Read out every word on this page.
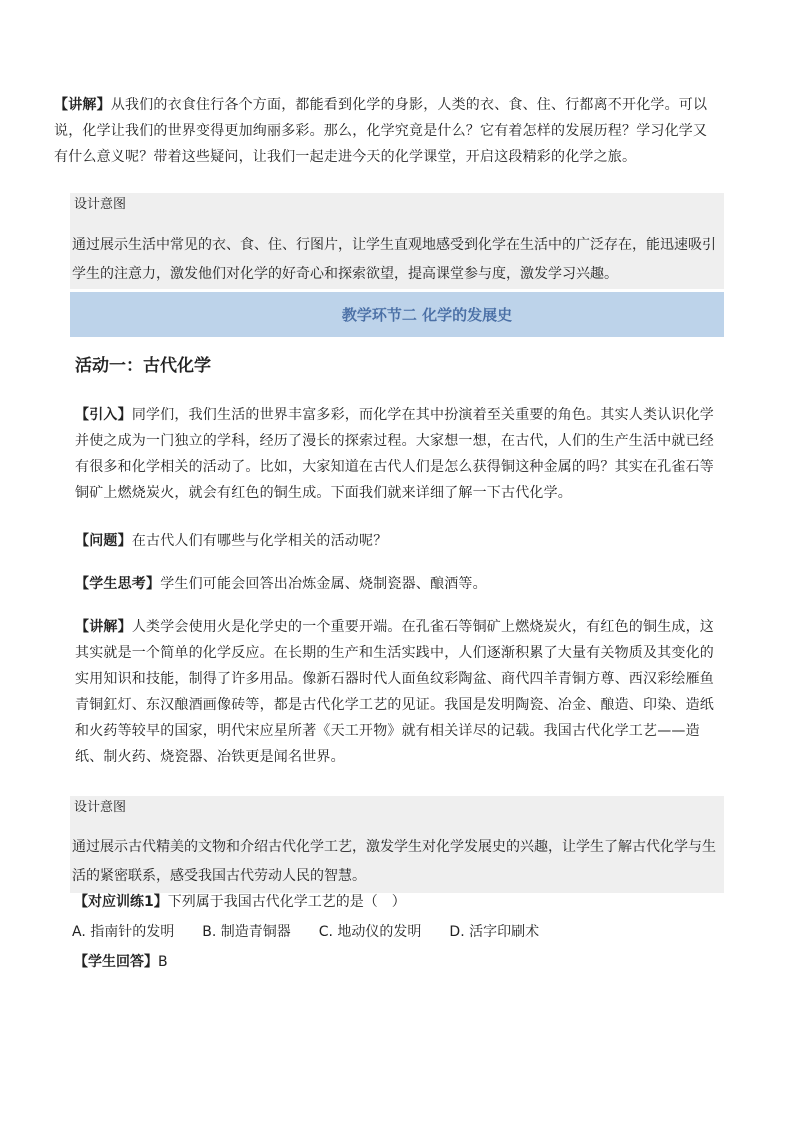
【讲解】从我们的衣食住行各个方面，都能看到化学的身影，人类的衣、食、住、行都离不开化学。可以说，化学让我们的世界变得更加绚丽多彩。那么，化学究竟是什么？它有着怎样的发展历程？学习化学又有什么意义呢？带着这些疑问，让我们一起走进今天的化学课堂，开启这段精彩的化学之旅。
设计意图
通过展示生活中常见的衣、食、住、行图片，让学生直观地感受到化学在生活中的广泛存在，能迅速吸引学生的注意力，激发他们对化学的好奇心和探索欲望，提高课堂参与度，激发学习兴趣。
教学环节二 化学的发展史
活动一：古代化学
【引入】同学们，我们生活的世界丰富多彩，而化学在其中扮演着至关重要的角色。其实人类认识化学并使之成为一门独立的学科，经历了漫长的探索过程。大家想一想，在古代，人们的生产生活中就已经有很多和化学相关的活动了。比如，大家知道在古代人们是怎么获得铜这种金属的吗？其实在孔雀石等铜矿上燃烧炭火，就会有红色的铜生成。下面我们就来详细了解一下古代化学。
【问题】在古代人们有哪些与化学相关的活动呢？
【学生思考】学生们可能会回答出冶炼金属、烧制瓷器、酿酒等。
【讲解】人类学会使用火是化学史的一个重要开端。在孔雀石等铜矿上燃烧炭火，有红色的铜生成，这其实就是一个简单的化学反应。在长期的生产和生活实践中，人们逐渐积累了大量有关物质及其变化的实用知识和技能，制得了许多用品。像新石器时代人面鱼纹彩陶盆、商代四羊青铜方尊、西汉彩绘雁鱼青铜釭灯、东汉酿酒画像砖等，都是古代化学工艺的见证。我国是发明陶瓷、冶金、酿造、印染、造纸和火药等较早的国家，明代宋应星所著《天工开物》就有相关详尽的记载。我国古代化学工艺——造纸、制火药、烧瓷器、冶铁更是闻名世界。
设计意图
通过展示古代精美的文物和介绍古代化学工艺，激发学生对化学发展史的兴趣，让学生了解古代化学与生活的紧密联系，感受我国古代劳动人民的智慧。
【对应训练1】下列属于我国古代化学工艺的是（　）
A. 指南针的发明　　B. 制造青铜器　　C. 地动仪的发明　　D. 活字印刷术
【学生回答】B
